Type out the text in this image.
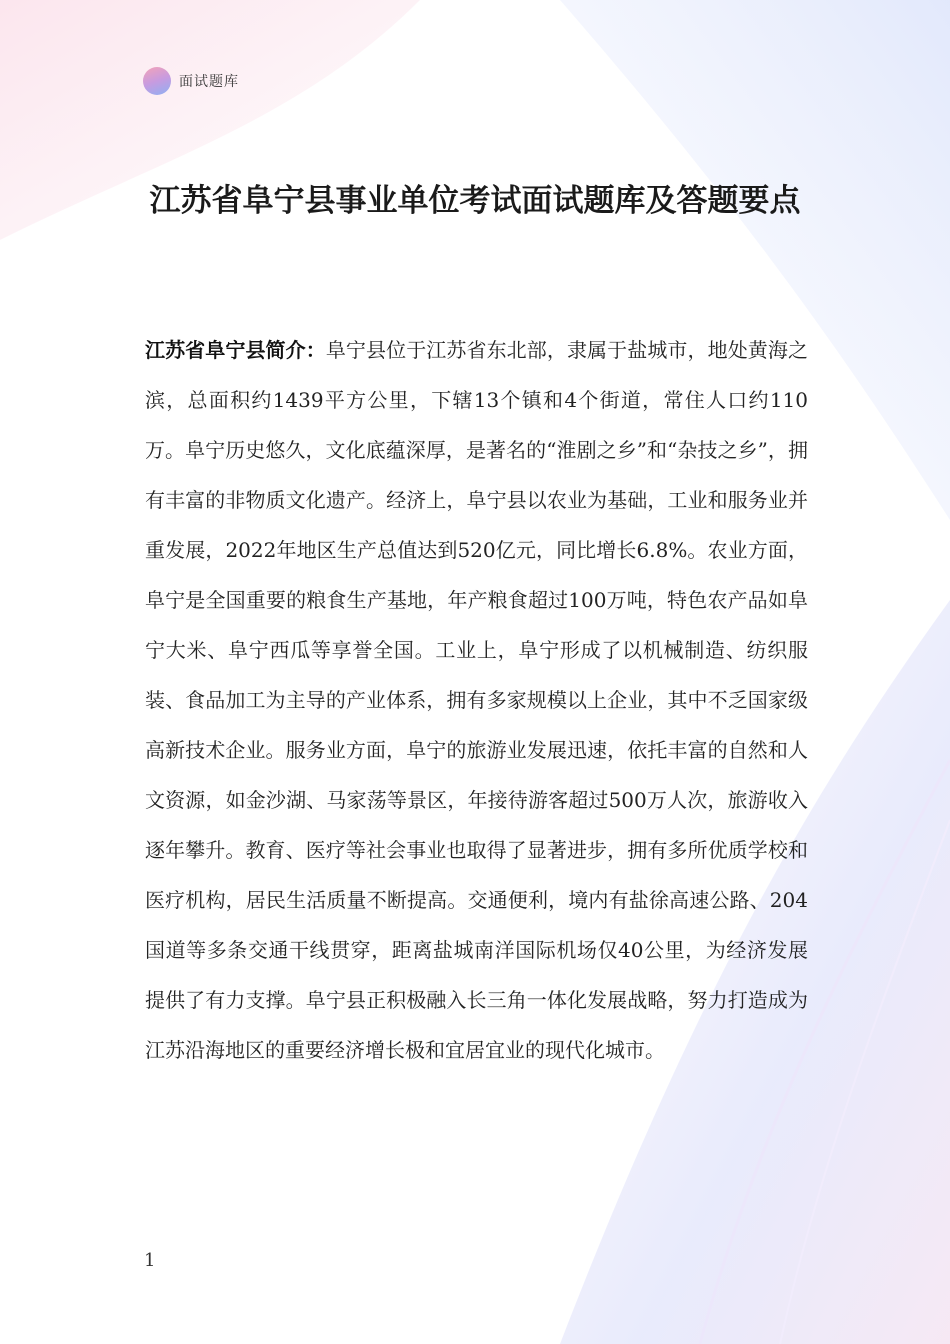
面试题库
江苏省阜宁县事业单位考试面试题库及答题要点

江苏省阜宁县简介：阜宁县位于江苏省东北部，隶属于盐城市，地处黄海之滨，总面积约1439平方公里，下辖13个镇和4个街道，常住人口约110万。阜宁历史悠久，文化底蕴深厚，是著名的“淮剧之乡”和“杂技之乡”，拥有丰富的非物质文化遗产。经济上，阜宁县以农业为基础，工业和服务业并重发展，2022年地区生产总值达到520亿元，同比增长6.8%。农业方面，阜宁是全国重要的粮食生产基地，年产粮食超过100万吨，特色农产品如阜宁大米、阜宁西瓜等享誉全国。工业上，阜宁形成了以机械制造、纺织服装、食品加工为主导的产业体系，拥有多家规模以上企业，其中不乏国家级高新技术企业。服务业方面，阜宁的旅游业发展迅速，依托丰富的自然和人文资源，如金沙湖、马家荡等景区，年接待游客超过500万人次，旅游收入逐年攀升。教育、医疗等社会事业也取得了显著进步，拥有多所优质学校和医疗机构，居民生活质量不断提高。交通便利，境内有盐徐高速公路、204国道等多条交通干线贯穿，距离盐城南洋国际机场仅40公里，为经济发展提供了有力支撑。阜宁县正积极融入长三角一体化发展战略，努力打造成为江苏沿海地区的重要经济增长极和宜居宜业的现代化城市。

1
